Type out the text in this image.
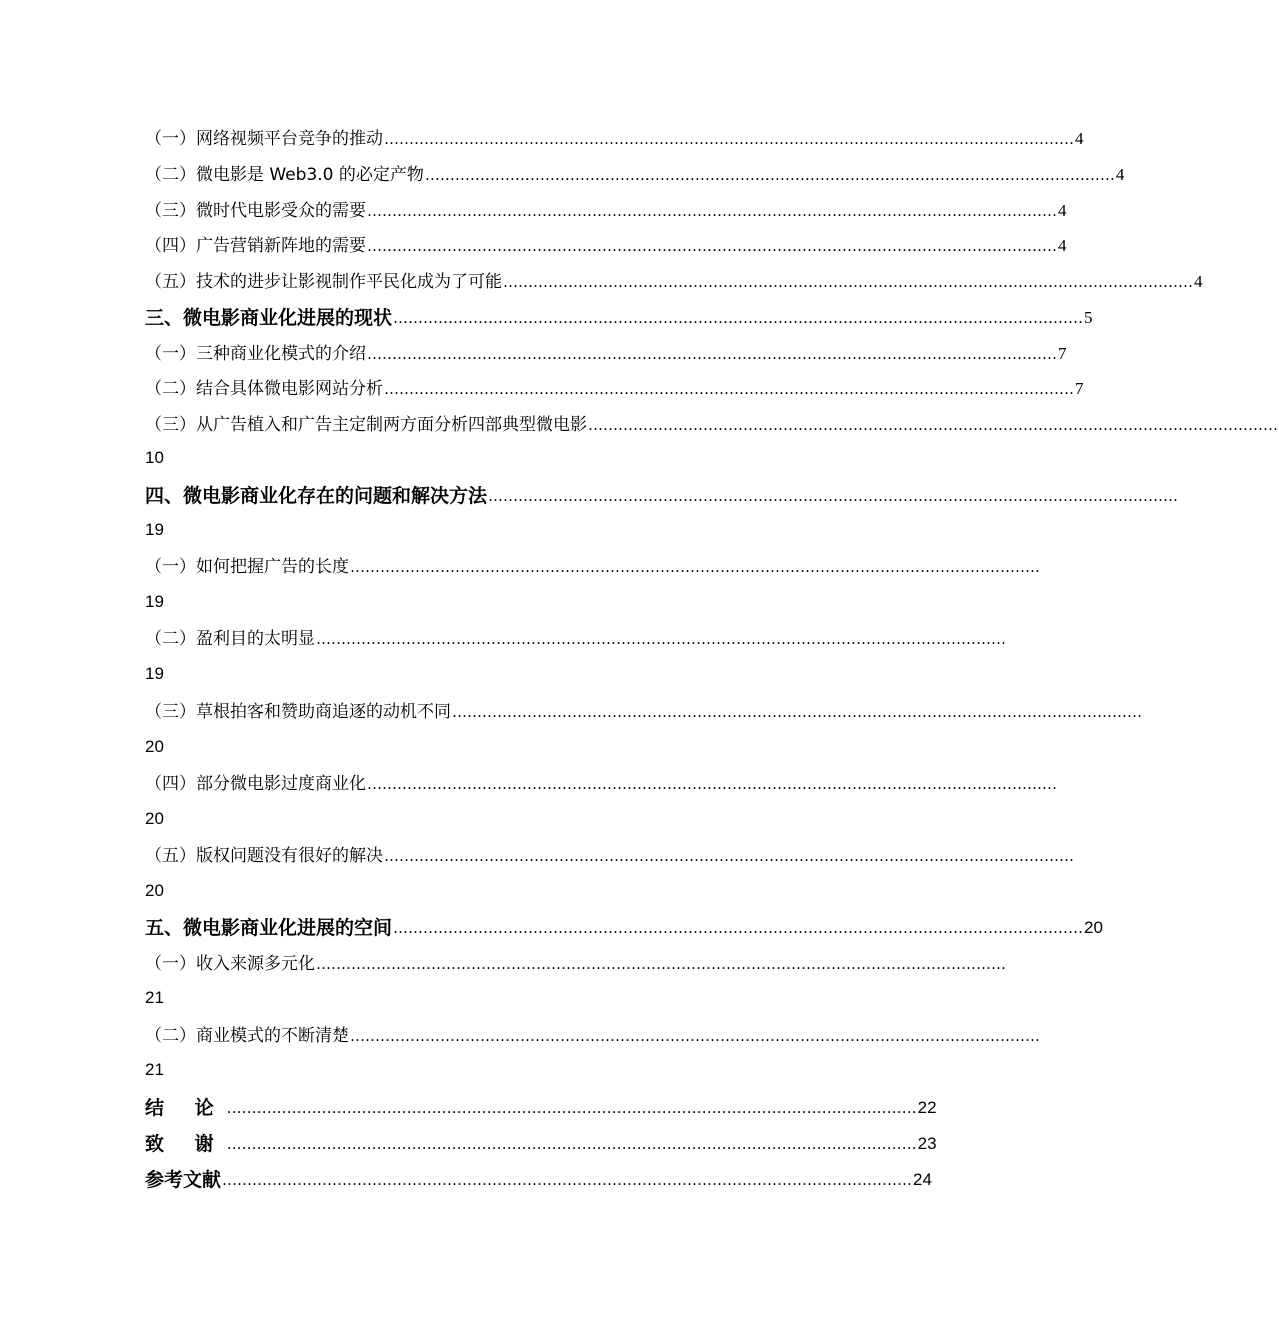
（一）网络视频平台竞争的推动 ………………………………………………………………………………………………………………………… 4
（二）微电影是 Web3.0 的必定产物 ………………………………………………………………………………………………………………………… 4
（三）微时代电影受众的需要 ………………………………………………………………………………………………………………………… 4
（四）广告营销新阵地的需要 ………………………………………………………………………………………………………………………… 4
（五）技术的进步让影视制作平民化成为了可能 ………………………………………………………………………………………………………………………… 4
三、微电影商业化进展的现状 ………………………………………………………………………………………………………………………… 5
（一）三种商业化模式的介绍 ………………………………………………………………………………………………………………………… 7
（二）结合具体微电影网站分析 ………………………………………………………………………………………………………………………… 7
（三）从广告植入和广告主定制两方面分析四部典型微电影 …………………………………………………………………………………………………………………………
10
四、微电影商业化存在的问题和解决方法 …………………………………………………………………………………………………………………………
19
（一）如何把握广告的长度 …………………………………………………………………………………………………………………………
19
（二）盈利目的太明显 …………………………………………………………………………………………………………………………
19
（三）草根拍客和赞助商追逐的动机不同 …………………………………………………………………………………………………………………………
20
（四）部分微电影过度商业化 …………………………………………………………………………………………………………………………
20
（五）版权问题没有很好的解决 …………………………………………………………………………………………………………………………
20
五、微电影商业化进展的空间 ………………………………………………………………………………………………………………………… 20
（一）收入来源多元化 …………………………………………………………………………………………………………………………
21
（二）商业模式的不断清楚 …………………………………………………………………………………………………………………………
21
结 论 ………………………………………………………………………………………………………………………… 22
致 谢 ………………………………………………………………………………………………………………………… 23
参考文献 ………………………………………………………………………………………………………………………… 24
